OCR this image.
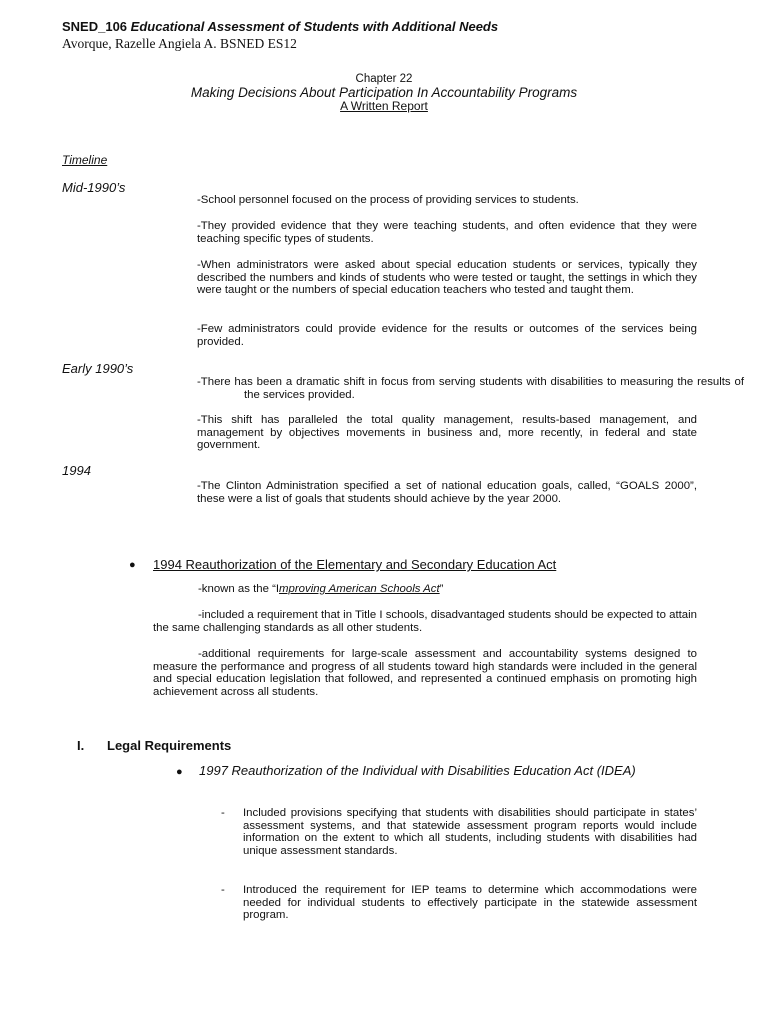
SNED_106 Educational Assessment of Students with Additional Needs
Avorque, Razelle Angiela A. BSNED ES12
Chapter 22
Making Decisions About Participation In Accountability Programs
A Written Report
Timeline
Mid-1990’s
-School personnel focused on the process of providing services to students.
-They provided evidence that they were teaching students, and often evidence that they were teaching specific types of students.
-When administrators were asked about special education students or services, typically they described the numbers and kinds of students who were tested or taught, the settings in which they were taught or the numbers of special education teachers who tested and taught them.
-Few administrators could provide evidence for the results or outcomes of the services being provided.
Early 1990’s
-There has been a dramatic shift in focus from serving students with disabilities to measuring the results of the services provided.
-This shift has paralleled the total quality management, results-based management, and management by objectives movements in business and, more recently, in federal and state government.
1994
-The Clinton Administration specified a set of national education goals, called, “GOALS 2000”, these were a list of goals that students should achieve by the year 2000.
● 1994 Reauthorization of the Elementary and Secondary Education Act
-known as the “Improving American Schools Act”
-included a requirement that in Title I schools, disadvantaged students should be expected to attain the same challenging standards as all other students.
-additional requirements for large-scale assessment and accountability systems designed to measure the performance and progress of all students toward high standards were included in the general and special education legislation that followed, and represented a continued emphasis on promoting high achievement across all students.
I. Legal Requirements
● 1997 Reauthorization of the Individual with Disabilities Education Act (IDEA)
- Included provisions specifying that students with disabilities should participate in states’ assessment systems, and that statewide assessment program reports would include information on the extent to which all students, including students with disabilities had unique assessment standards.
- Introduced the requirement for IEP teams to determine which accommodations were needed for individual students to effectively participate in the statewide assessment program.
